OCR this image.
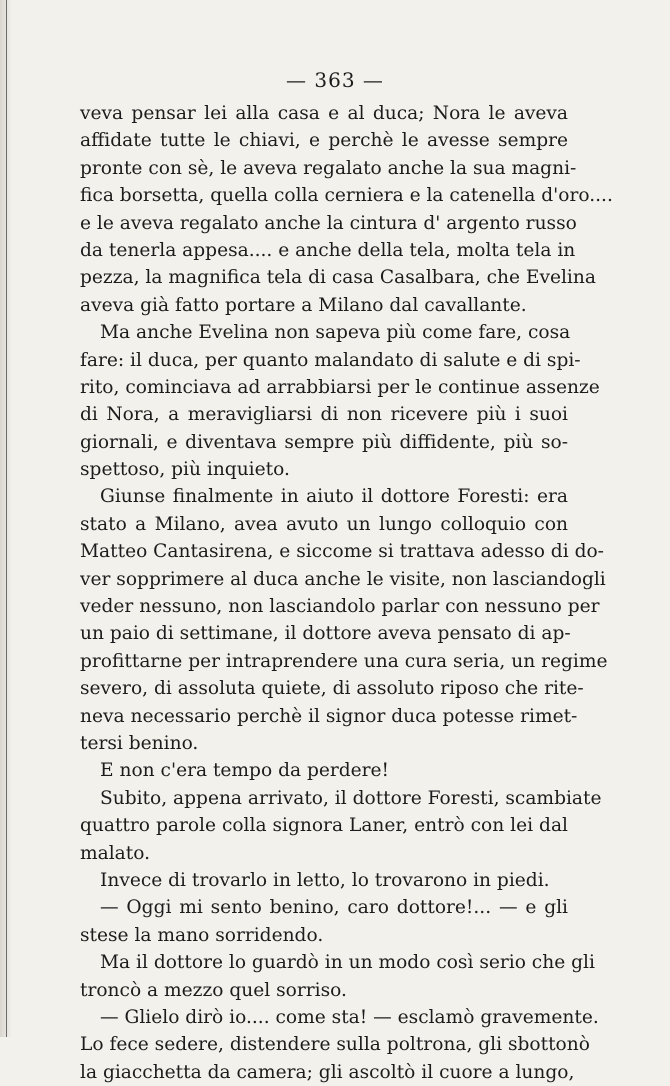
— 363 —
veva pensar lei alla casa e al duca; Nora le aveva
affidate tutte le chiavi, e perchè le avesse sempre
pronte con sè, le aveva regalato anche la sua magni-
fica borsetta, quella colla cerniera e la catenella d'oro....
e le aveva regalato anche la cintura d' argento russo
da tenerla appesa.... e anche della tela, molta tela in
pezza, la magnifica tela di casa Casalbara, che Evelina
aveva già fatto portare a Milano dal cavallante.
Ma anche Evelina non sapeva più come fare, cosa
fare: il duca, per quanto malandato di salute e di spi-
rito, cominciava ad arrabbiarsi per le continue assenze
di Nora, a meravigliarsi di non ricevere più i suoi
giornali, e diventava sempre più diffidente, più so-
spettoso, più inquieto.
Giunse finalmente in aiuto il dottore Foresti: era
stato a Milano, avea avuto un lungo colloquio con
Matteo Cantasirena, e siccome si trattava adesso di do-
ver sopprimere al duca anche le visite, non lasciandogli
veder nessuno, non lasciandolo parlar con nessuno per
un paio di settimane, il dottore aveva pensato di ap-
profittarne per intraprendere una cura seria, un regime
severo, di assoluta quiete, di assoluto riposo che rite-
neva necessario perchè il signor duca potesse rimet-
tersi benino.
E non c'era tempo da perdere!
Subito, appena arrivato, il dottore Foresti, scambiate
quattro parole colla signora Laner, entrò con lei dal
malato.
Invece di trovarlo in letto, lo trovarono in piedi.
— Oggi mi sento benino, caro dottore!... — e gli
stese la mano sorridendo.
Ma il dottore lo guardò in un modo così serio che gli
troncò a mezzo quel sorriso.
— Glielo dirò io.... come sta! — esclamò gravemente.
Lo fece sedere, distendere sulla poltrona, gli sbottonò
la giacchetta da camera; gli ascoltò il cuore a lungo,
